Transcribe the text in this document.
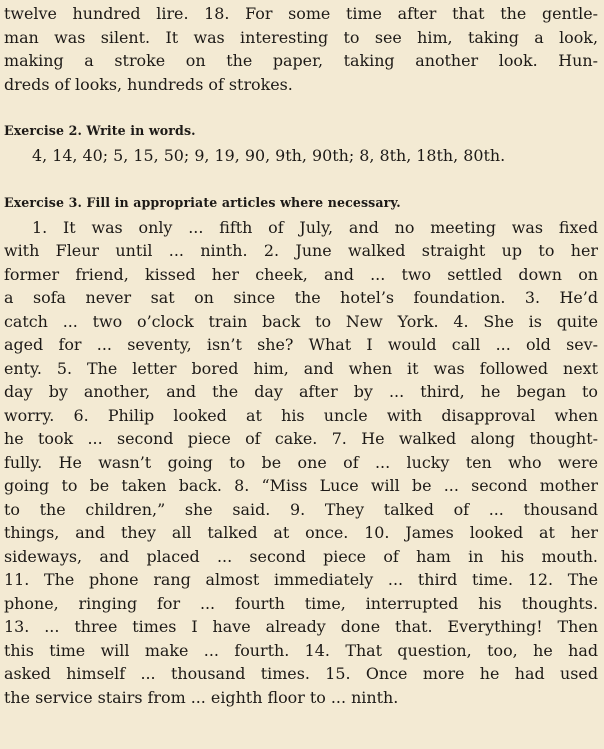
twelve hundred lire. 18. For some time after that the gentle-
man was silent. It was interesting to see him, taking a look,
making a stroke on the paper, taking another look. Hun-
dreds of looks, hundreds of strokes.
Exercise 2. Write in words.
4, 14, 40; 5, 15, 50; 9, 19, 90, 9th, 90th; 8, 8th, 18th, 80th.
Exercise 3. Fill in appropriate articles where necessary.
1. It was only ... fifth of July, and no meeting was fixed
with Fleur until ... ninth. 2. June walked straight up to her
former friend, kissed her cheek, and ... two settled down on
a sofa never sat on since the hotel’s foundation. 3. He’d
catch ... two o’clock train back to New York. 4. She is quite
aged for ... seventy, isn’t she? What I would call ... old sev-
enty. 5. The letter bored him, and when it was followed next
day by another, and the day after by ... third, he began to
worry. 6. Philip looked at his uncle with disapproval when
he took ... second piece of cake. 7. He walked along thought-
fully. He wasn’t going to be one of ... lucky ten who were
going to be taken back. 8. “Miss Luce will be ... second mother
to the children,” she said. 9. They talked of ... thousand
things, and they all talked at once. 10. James looked at her
sideways, and placed ... second piece of ham in his mouth.
11. The phone rang almost immediately ... third time. 12. The
phone, ringing for ... fourth time, interrupted his thoughts.
13. ... three times I have already done that. Everything! Then
this time will make ... fourth. 14. That question, too, he had
asked himself ... thousand times. 15. Once more he had used
the service stairs from ... eighth floor to ... ninth.
